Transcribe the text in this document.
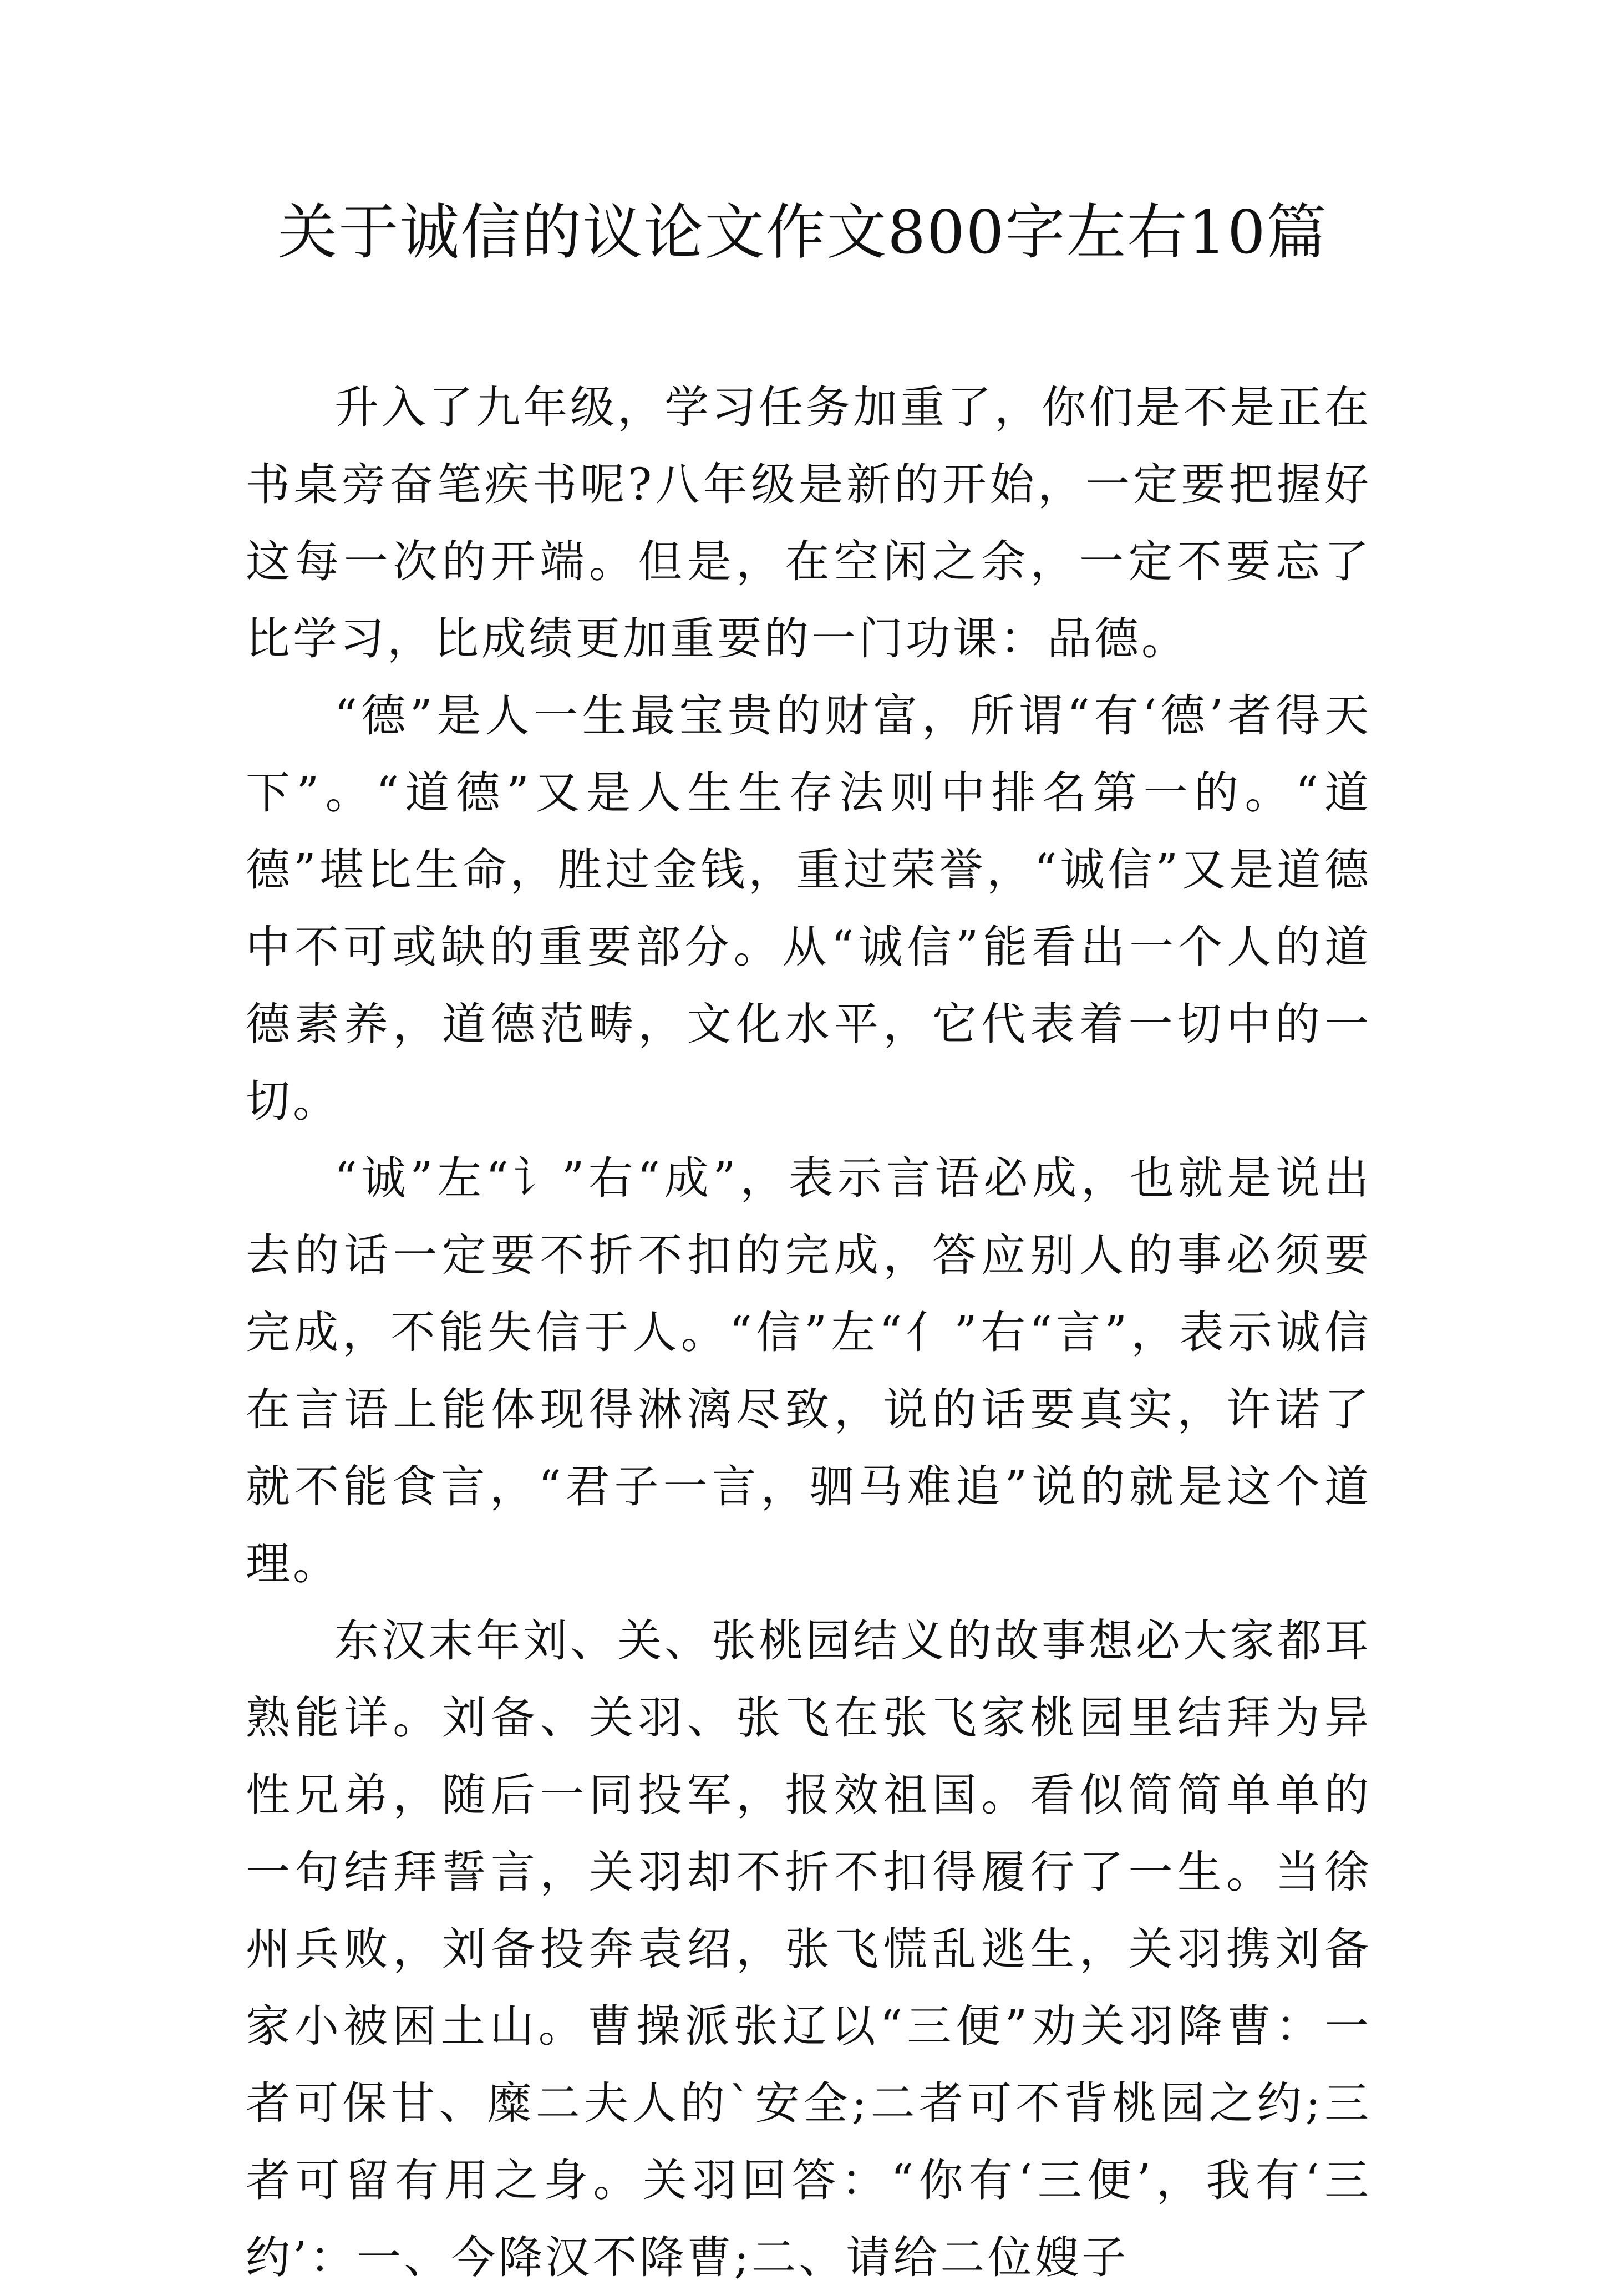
关于诚信的议论文作文800字左右10篇

升入了九年级，学习任务加重了，你们是不是正在书桌旁奋笔疾书呢?八年级是新的开始，一定要把握好这每一次的开端。但是，在空闲之余，一定不要忘了比学习，比成绩更加重要的一门功课：品德。

“德”是人一生最宝贵的财富，所谓“有‘德’者得天下”。“道德”又是人生生存法则中排名第一的。“道德”堪比生命，胜过金钱，重过荣誉，“诚信”又是道德中不可或缺的重要部分。从“诚信”能看出一个人的道德素养，道德范畴，文化水平，它代表着一切中的一切。

“诚”左“讠”右“成”，表示言语必成，也就是说出去的话一定要不折不扣的完成，答应别人的事必须要完成，不能失信于人。“信”左“亻”右“言”，表示诚信在言语上能体现得淋漓尽致，说的话要真实，许诺了就不能食言，“君子一言，驷马难追”说的就是这个道理。

东汉末年刘、关、张桃园结义的故事想必大家都耳熟能详。刘备、关羽、张飞在张飞家桃园里结拜为异性兄弟，随后一同投军，报效祖国。看似简简单单的一句结拜誓言，关羽却不折不扣得履行了一生。当徐州兵败，刘备投奔袁绍，张飞慌乱逃生，关羽携刘备家小被困土山。曹操派张辽以“三便”劝关羽降曹：一者可保甘、糜二夫人的`安全;二者可不背桃园之约;三者可留有用之身。关羽回答：“你有‘三便’，我有‘三约’：一、今降汉不降曹;二、请给二位嫂子
